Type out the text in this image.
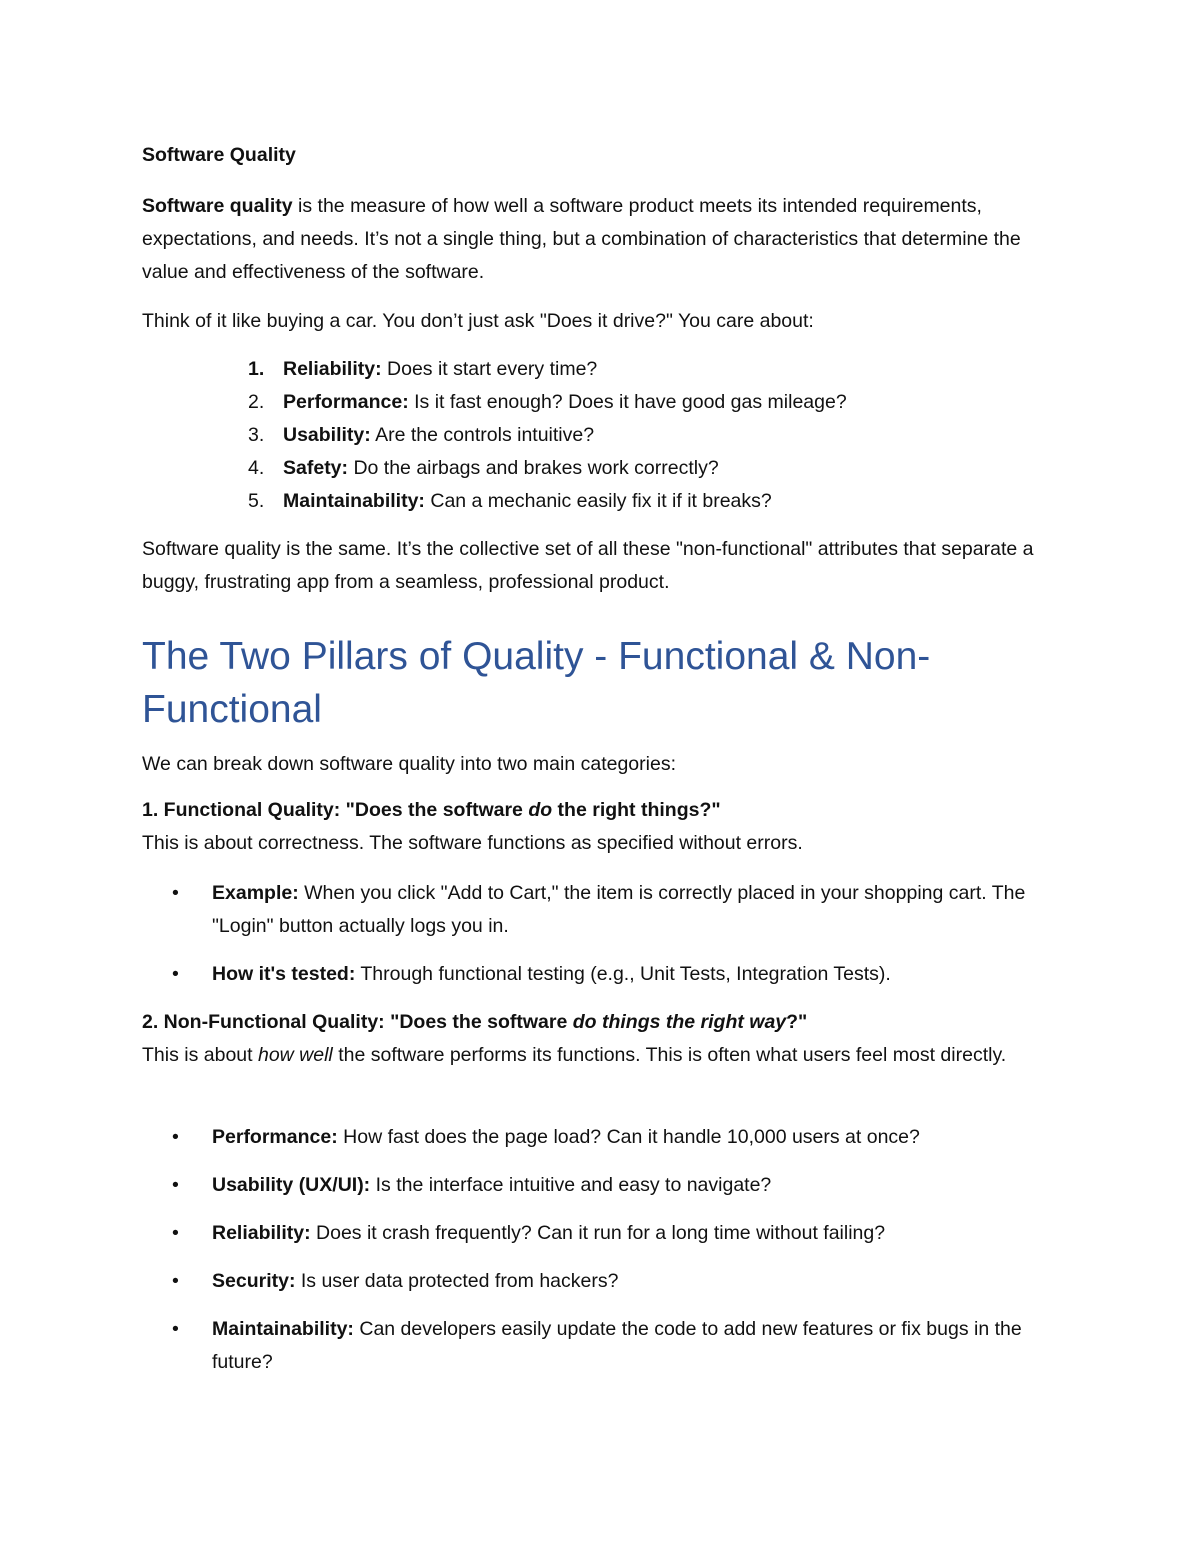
Software Quality

Software quality is the measure of how well a software product meets its intended requirements, expectations, and needs. It’s not a single thing, but a combination of characteristics that determine the value and effectiveness of the software.

Think of it like buying a car. You don’t just ask "Does it drive?" You care about:

1. Reliability: Does it start every time?
2. Performance: Is it fast enough? Does it have good gas mileage?
3. Usability: Are the controls intuitive?
4. Safety: Do the airbags and brakes work correctly?
5. Maintainability: Can a mechanic easily fix it if it breaks?

Software quality is the same. It’s the collective set of all these "non-functional" attributes that separate a buggy, frustrating app from a seamless, professional product.

The Two Pillars of Quality - Functional & Non-Functional

We can break down software quality into two main categories:

1. Functional Quality: "Does the software do the right things?"

This is about correctness. The software functions as specified without errors.

•	Example: When you click "Add to Cart," the item is correctly placed in your shopping cart. The "Login" button actually logs you in.
•	How it's tested: Through functional testing (e.g., Unit Tests, Integration Tests).
2. Non-Functional Quality: "Does the software do things the right way?"

This is about how well the software performs its functions. This is often what users feel most directly.

•	Performance: How fast does the page load? Can it handle 10,000 users at once?
•	Usability (UX/UI): Is the interface intuitive and easy to navigate?
•	Reliability: Does it crash frequently? Can it run for a long time without failing?
•	Security: Is user data protected from hackers?
•	Maintainability: Can developers easily update the code to add new features or fix bugs in the future?
